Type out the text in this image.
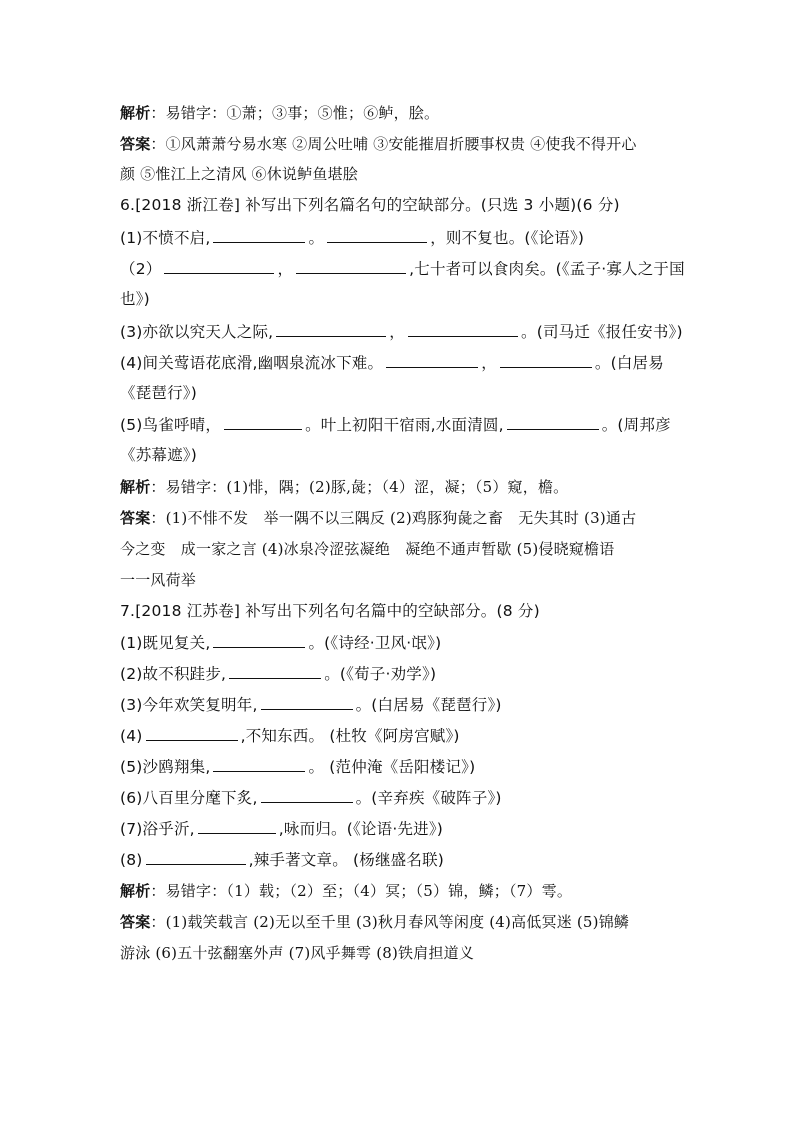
解析：易错字：①萧；③事；⑤惟；⑥鲈，脍。
答案：①风萧萧兮易水寒 ②周公吐哺 ③安能摧眉折腰事权贵 ④使我不得开心
颜 ⑤惟江上之清风 ⑥休说鲈鱼堪脍
6.[2018 浙江卷] 补写出下列名篇名句的空缺部分。(只选 3 小题)(6 分)
(1)不愤不启,	。	，则不复也。(《论语》)
（2）	，	,七十者可以食肉矣。(《孟子·寡人之于国
也》)
(3)亦欲以究天人之际,	，	。(司马迁《报任安书》)
(4)间关莺语花底滑,幽咽泉流冰下难。	，	。(白居易
《琵琶行》)
(5)鸟雀呼晴，	。叶上初阳干宿雨,水面清圆,	。(周邦彦
《苏幕遮》)
解析：易错字：(1)悱，隅；(2)豚,彘；（4）涩，凝；（5）窥，檐。
答案：(1)不悱不发　举一隅不以三隅反 (2)鸡豚狗彘之畜　无失其时 (3)通古
今之变　成一家之言 (4)冰泉冷涩弦凝绝　凝绝不通声暂歇 (5)侵晓窥檐语
一一风荷举
7.[2018 江苏卷] 补写出下列名句名篇中的空缺部分。(8 分)
(1)既见复关,	。(《诗经·卫风·氓》)
(2)故不积跬步,	。(《荀子·劝学》)
(3)今年欢笑复明年,	。(白居易《琵琶行》)
(4)	,不知东西。 (杜牧《阿房宫赋》)
(5)沙鸥翔集,	。 (范仲淹《岳阳楼记》)
(6)八百里分麾下炙,	。(辛弃疾《破阵子》)
(7)浴乎沂,	,咏而归。(《论语·先进》)
(8)	,辣手著文章。 (杨继盛名联)
解析：易错字：（1）载；（2）至；（4）冥；（5）锦，鳞；（7）雩。
答案：(1)载笑载言 (2)无以至千里 (3)秋月春风等闲度 (4)高低冥迷 (5)锦鳞
游泳 (6)五十弦翻塞外声 (7)风乎舞雩 (8)铁肩担道义
